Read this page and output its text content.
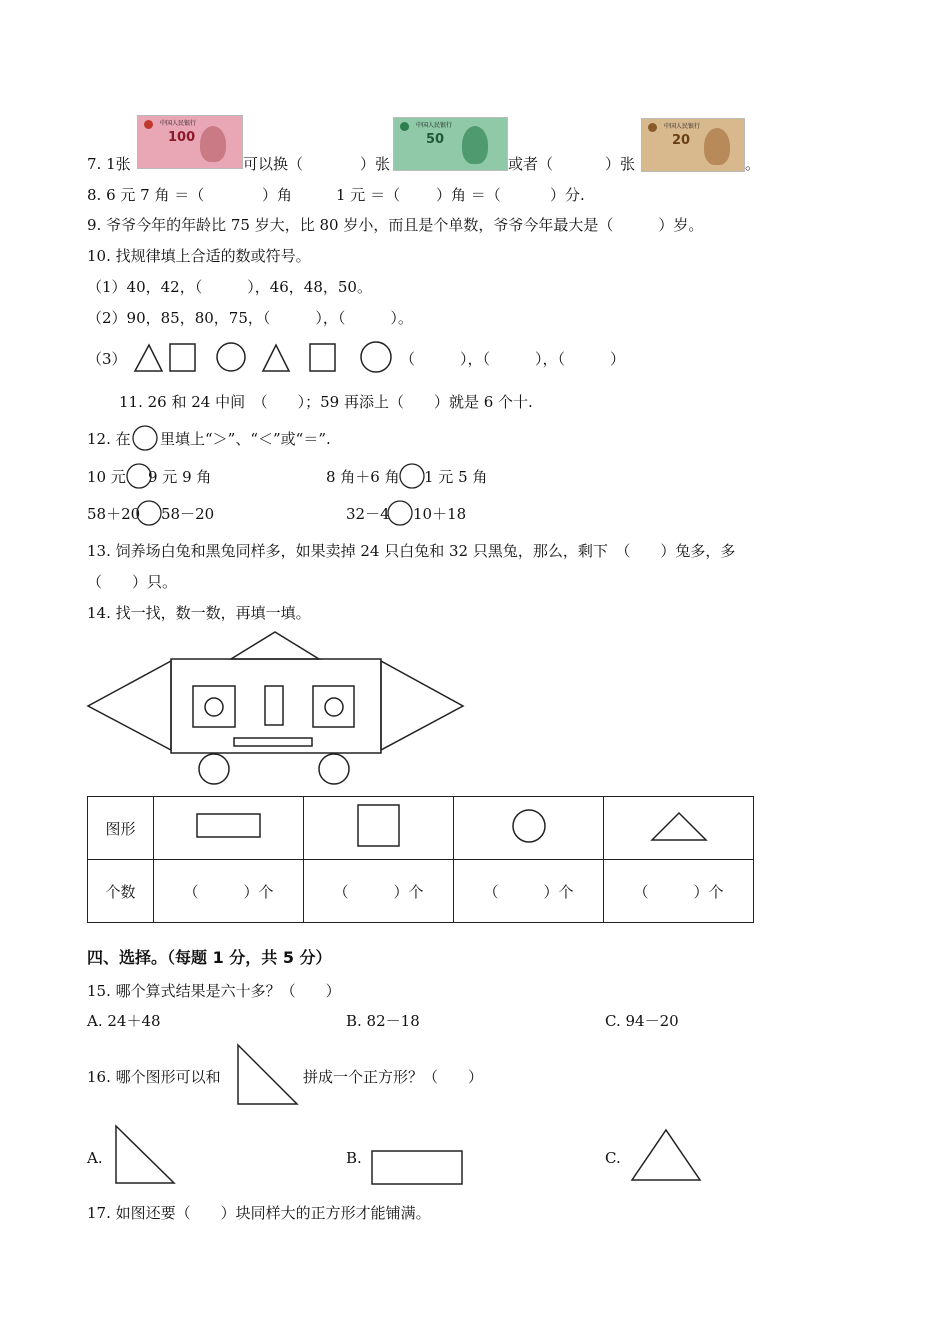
7. 1张
中国人民银行
100
可以换（	）张
中国人民银行
50
或者（	）张
中国人民银行
20
。
8. 6 元 7 角 ＝（	）角	1 元 ＝（ ）角 ＝（	）分.
9. 爷爷今年的年龄比 75 岁大，比 80 岁小，而且是个单数，爷爷今年最大是（　　　）岁。
10. 找规律填上合适的数或符号。
（1）40，42，（　　　），46，48，50。
（2）90，85，80，75，（　　　），（　　　）。
（3）	（　　　），（　　　），（　　　）
11. 26 和 24 中间　（　　）；59 再添上（　　）就是 6 个十.
12. 在 里填上“＞”、“＜”或“＝”.
10 元 9 元 9 角	8 角＋6 角 1 元 5 角
58＋20 58－20	32－4 10＋18
13. 饲养场白兔和黑兔同样多，如果卖掉 24 只白兔和 32 只黑兔，那么，剩下　（　　）兔多，多
（　　）只。
14. 找一找，数一数，再填一填。
图形				
个数	（　　　）个	（　　　）个	（　　　）个	（　　　）个
四、选择。（每题 1 分，共 5 分）
15. 哪个算式结果是六十多？（　　）
A. 24＋48	B. 82－18	C. 94－20
16. 哪个图形可以和	拼成一个正方形？（　　）
A.	B.	C.
17. 如图还要（　　）块同样大的正方形才能铺满。
